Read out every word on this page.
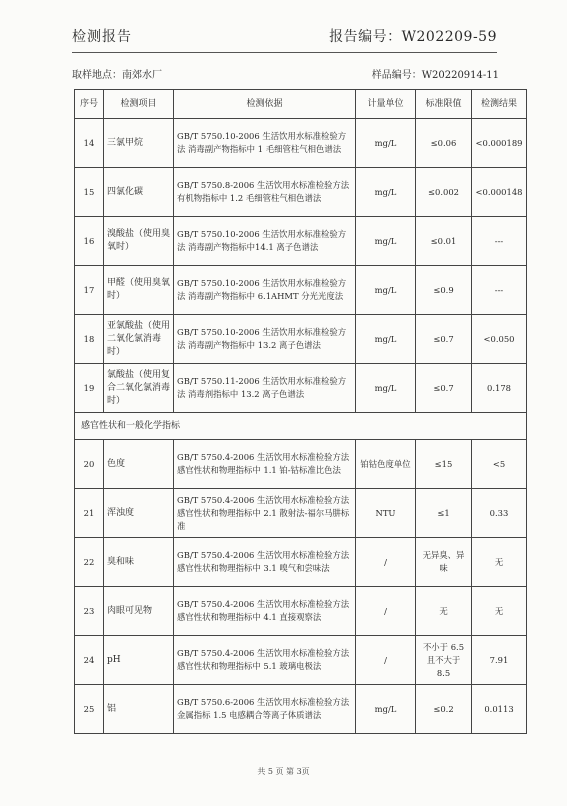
检测报告	报告编号：W202209-59
取样地点：南郊水厂	样品编号：W20220914-11
序号	检测项目	检测依据	计量单位	标准限值	检测结果
14	三氯甲烷	GB/T 5750.10-2006 生活饮用水标准检验方法 消毒副产物指标中 1 毛细管柱气相色谱法	mg/L	≤0.06	<0.000189
15	四氯化碳	GB/T 5750.8-2006 生活饮用水标准检验方法 有机物指标中 1.2 毛细管柱气相色谱法	mg/L	≤0.002	<0.000148
16	溴酸盐（使用臭氧时）	GB/T 5750.10-2006 生活饮用水标准检验方法 消毒副产物指标中14.1 离子色谱法	mg/L	≤0.01	---
17	甲醛（使用臭氧时）	GB/T 5750.10-2006 生活饮用水标准检验方法 消毒副产物指标中 6.1AHMT 分光光度法	mg/L	≤0.9	---
18	亚氯酸盐（使用二氧化氯消毒时）	GB/T 5750.10-2006 生活饮用水标准检验方法 消毒副产物指标中 13.2 离子色谱法	mg/L	≤0.7	<0.050
19	氯酸盐（使用复合二氧化氯消毒时）	GB/T 5750.11-2006 生活饮用水标准检验方法 消毒剂指标中 13.2 离子色谱法	mg/L	≤0.7	0.178
感官性状和一般化学指标					
20	色度	GB/T 5750.4-2006 生活饮用水标准检验方法 感官性状和物理指标中 1.1 铂-钴标准比色法	铂钴色度单位	≤15	<5
21	浑浊度	GB/T 5750.4-2006 生活饮用水标准检验方法 感官性状和物理指标中 2.1 散射法-福尔马肼标准	NTU	≤1	0.33
22	臭和味	GB/T 5750.4-2006 生活饮用水标准检验方法 感官性状和物理指标中 3.1 嗅气和尝味法	/	无异臭、异味	无
23	肉眼可见物	GB/T 5750.4-2006 生活饮用水标准检验方法 感官性状和物理指标中 4.1 直接观察法	/	无	无
24	pH	GB/T 5750.4-2006 生活饮用水标准检验方法 感官性状和物理指标中 5.1 玻璃电极法	/	不小于 6.5 且不大于 8.5	7.91
25	铝	GB/T 5750.6-2006 生活饮用水标准检验方法 金属指标 1.5 电感耦合等离子体质谱法	mg/L	≤0.2	0.0113
共 5 页 第 3页
